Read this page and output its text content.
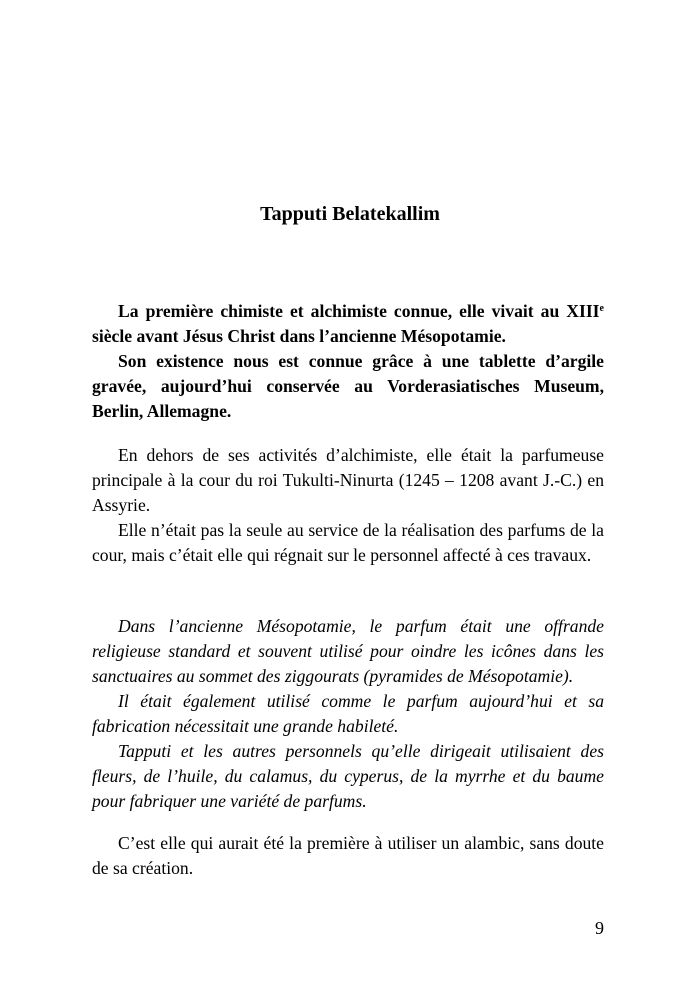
Tapputi Belatekallim

La première chimiste et alchimiste connue, elle vivait au XIIIe siècle avant Jésus Christ dans l’ancienne Mésopotamie.

Son existence nous est connue grâce à une tablette d’argile gravée, aujourd’hui conservée au Vorderasiatisches Museum, Berlin, Allemagne.

En dehors de ses activités d’alchimiste, elle était la parfumeuse principale à la cour du roi Tukulti-Ninurta (1245 – 1208 avant J.-C.) en Assyrie.

Elle n’était pas la seule au service de la réalisation des parfums de la cour, mais c’était elle qui régnait sur le personnel affecté à ces travaux.

Dans l’ancienne Mésopotamie, le parfum était une offrande religieuse standard et souvent utilisé pour oindre les icônes dans les sanctuaires au sommet des ziggourats (pyramides de Mésopotamie).

Il était également utilisé comme le parfum aujourd’hui et sa fabrication nécessitait une grande habileté.

Tapputi et les autres personnels qu’elle dirigeait utilisaient des fleurs, de l’huile, du calamus, du cyperus, de la myrrhe et du baume pour fabriquer une variété de parfums.

C’est elle qui aurait été la première à utiliser un alambic, sans doute de sa création.

9
